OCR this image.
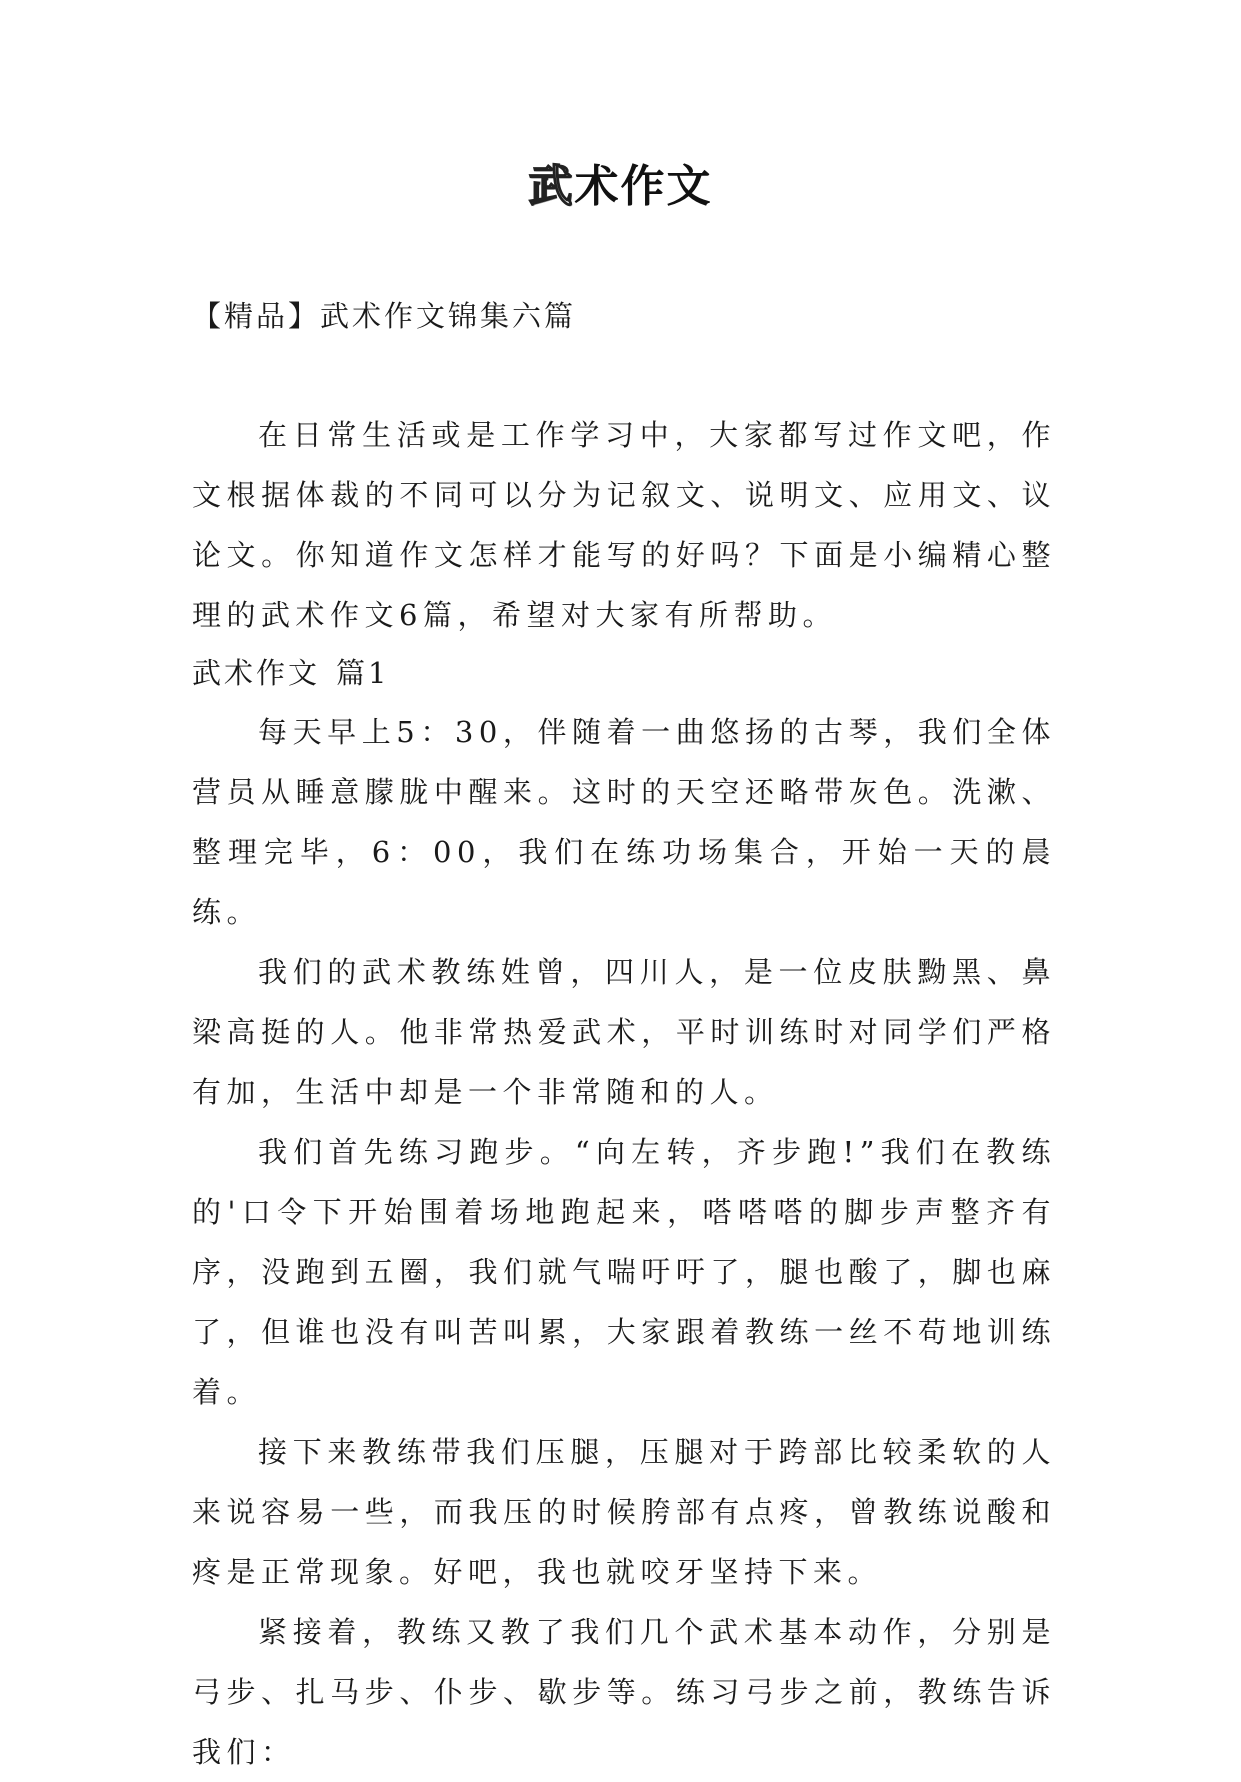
武术作文
【精品】武术作文锦集六篇

在日常生活或是工作学习中，大家都写过作文吧，作文根据体裁的不同可以分为记叙文、说明文、应用文、议论文。你知道作文怎样才能写的好吗？下面是小编精心整理的武术作文6篇，希望对大家有所帮助。

武术作文 篇1

每天早上5：30，伴随着一曲悠扬的古琴，我们全体营员从睡意朦胧中醒来。这时的天空还略带灰色。洗漱、整理完毕，6：00，我们在练功场集合，开始一天的晨练。

我们的武术教练姓曾，四川人，是一位皮肤黝黑、鼻梁高挺的人。他非常热爱武术，平时训练时对同学们严格有加，生活中却是一个非常随和的人。

我们首先练习跑步。“向左转，齐步跑!”我们在教练的'口令下开始围着场地跑起来，嗒嗒嗒的脚步声整齐有序，没跑到五圈，我们就气喘吁吁了，腿也酸了，脚也麻了，但谁也没有叫苦叫累，大家跟着教练一丝不苟地训练着。

接下来教练带我们压腿，压腿对于跨部比较柔软的人来说容易一些，而我压的时候胯部有点疼，曾教练说酸和疼是正常现象。好吧，我也就咬牙坚持下来。

紧接着，教练又教了我们几个武术基本动作，分别是弓步、扎马步、仆步、歇步等。练习弓步之前，教练告诉我们：
